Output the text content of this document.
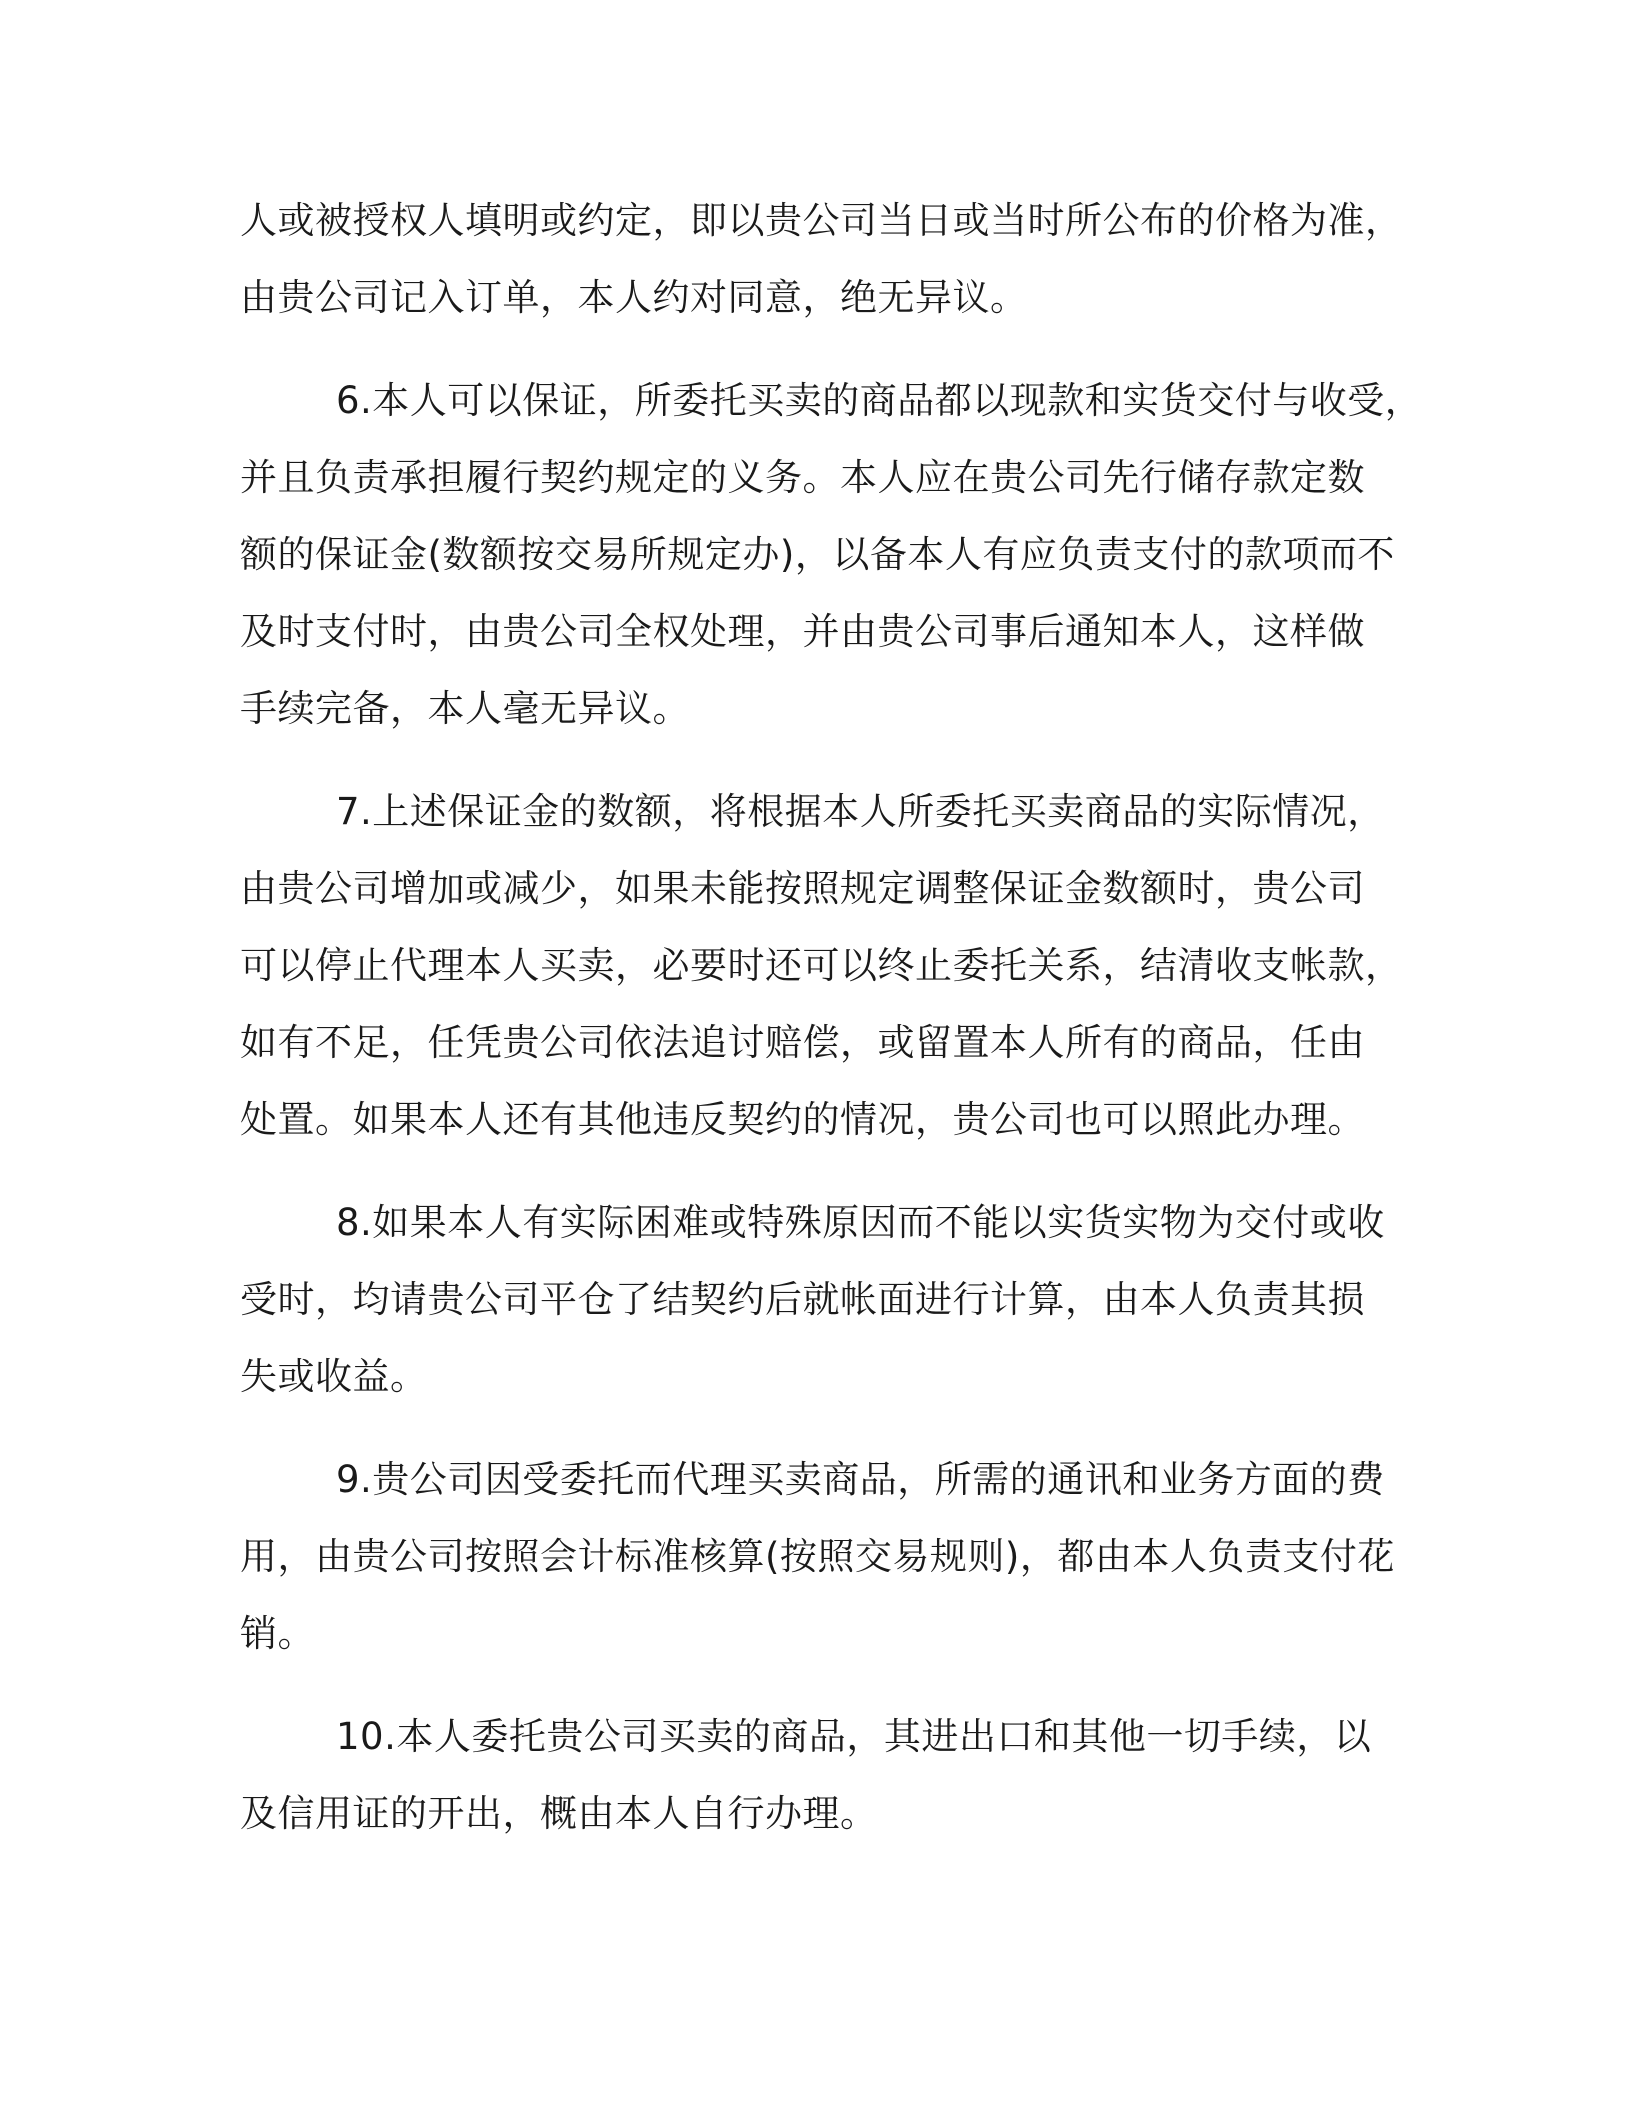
人或被授权人填明或约定，即以贵公司当日或当时所公布的价格为准，
由贵公司记入订单，本人约对同意，绝无异议。

6.本人可以保证，所委托买卖的商品都以现款和实货交付与收受，
并且负责承担履行契约规定的义务。本人应在贵公司先行储存款定数
额的保证金(数额按交易所规定办)，以备本人有应负责支付的款项而不
及时支付时，由贵公司全权处理，并由贵公司事后通知本人，这样做
手续完备，本人毫无异议。

7.上述保证金的数额，将根据本人所委托买卖商品的实际情况，
由贵公司增加或减少，如果未能按照规定调整保证金数额时，贵公司
可以停止代理本人买卖，必要时还可以终止委托关系，结清收支帐款，
如有不足，任凭贵公司依法追讨赔偿，或留置本人所有的商品，任由
处置。如果本人还有其他违反契约的情况，贵公司也可以照此办理。

8.如果本人有实际困难或特殊原因而不能以实货实物为交付或收
受时，均请贵公司平仓了结契约后就帐面进行计算，由本人负责其损
失或收益。

9.贵公司因受委托而代理买卖商品，所需的通讯和业务方面的费
用，由贵公司按照会计标准核算(按照交易规则)，都由本人负责支付花
销。

10.本人委托贵公司买卖的商品，其进出口和其他一切手续，以
及信用证的开出，概由本人自行办理。
